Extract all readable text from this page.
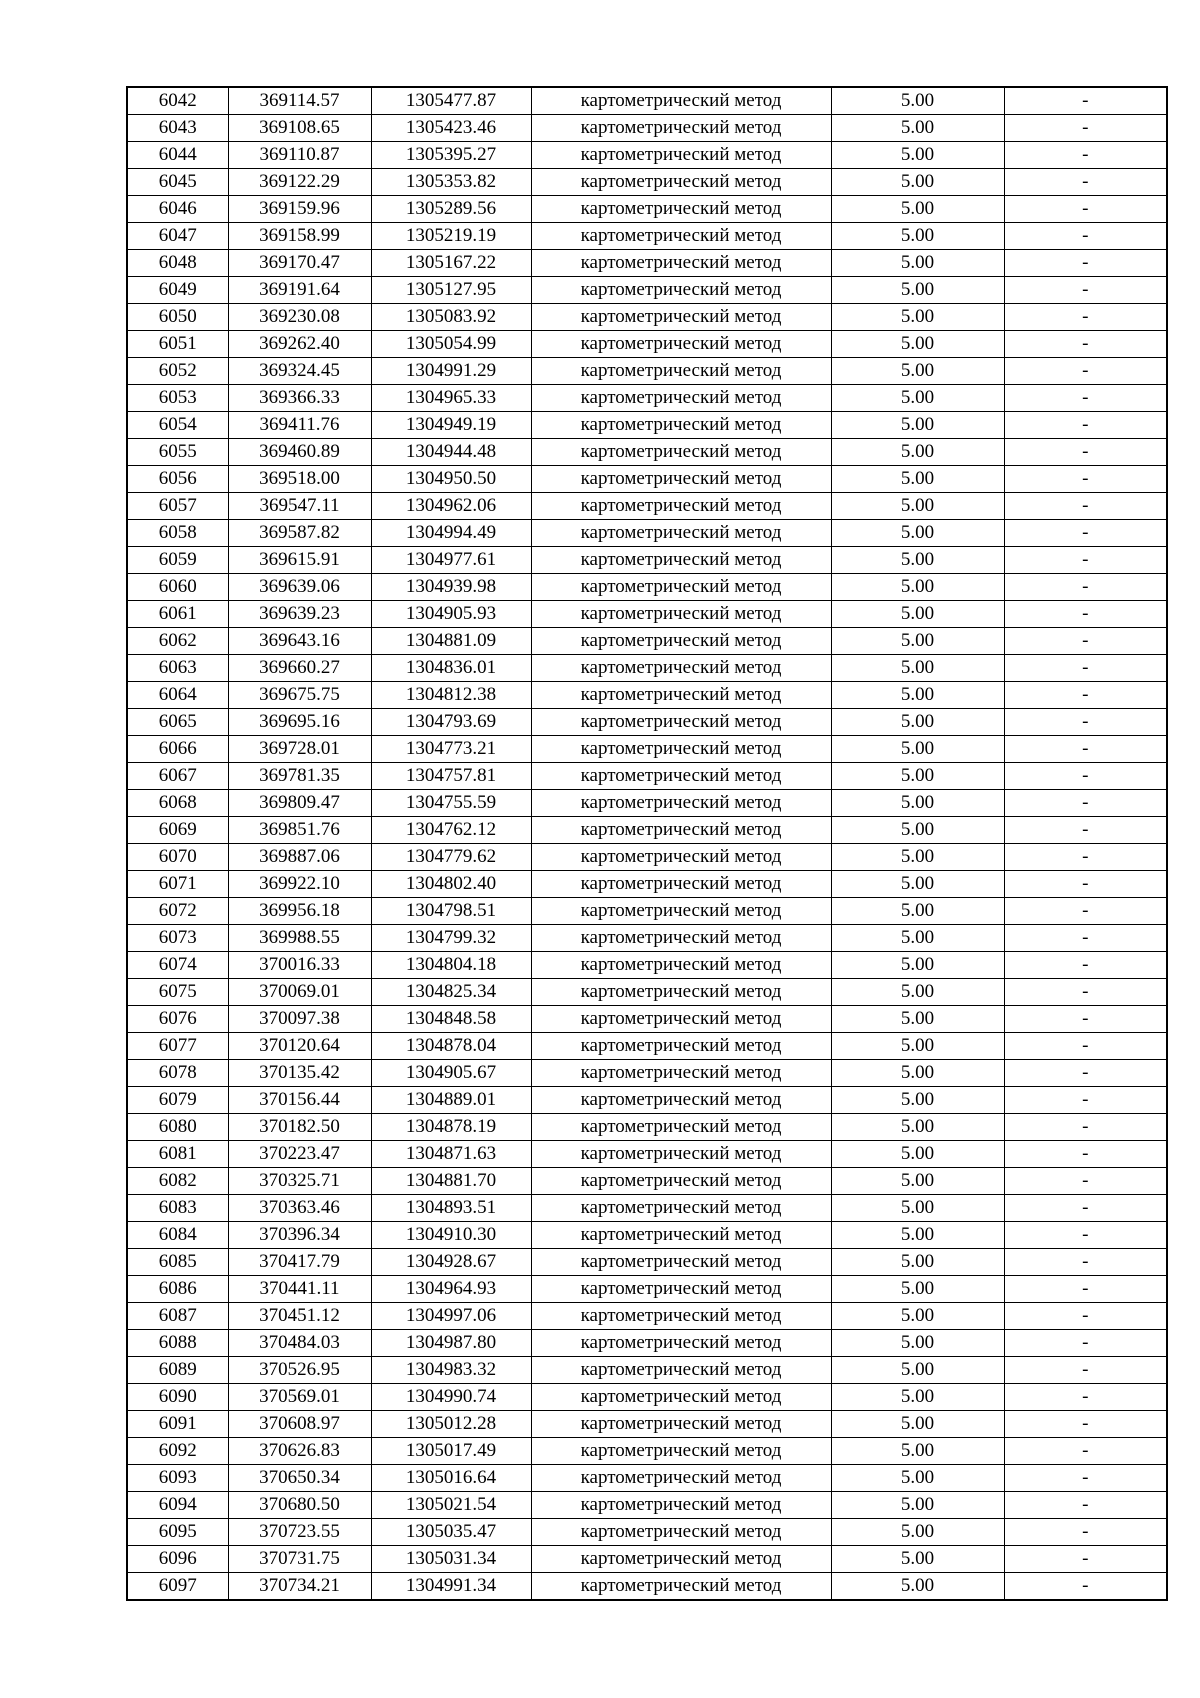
6042	369114.57	1305477.87	картометрический метод	5.00	-
6043	369108.65	1305423.46	картометрический метод	5.00	-
6044	369110.87	1305395.27	картометрический метод	5.00	-
6045	369122.29	1305353.82	картометрический метод	5.00	-
6046	369159.96	1305289.56	картометрический метод	5.00	-
6047	369158.99	1305219.19	картометрический метод	5.00	-
6048	369170.47	1305167.22	картометрический метод	5.00	-
6049	369191.64	1305127.95	картометрический метод	5.00	-
6050	369230.08	1305083.92	картометрический метод	5.00	-
6051	369262.40	1305054.99	картометрический метод	5.00	-
6052	369324.45	1304991.29	картометрический метод	5.00	-
6053	369366.33	1304965.33	картометрический метод	5.00	-
6054	369411.76	1304949.19	картометрический метод	5.00	-
6055	369460.89	1304944.48	картометрический метод	5.00	-
6056	369518.00	1304950.50	картометрический метод	5.00	-
6057	369547.11	1304962.06	картометрический метод	5.00	-
6058	369587.82	1304994.49	картометрический метод	5.00	-
6059	369615.91	1304977.61	картометрический метод	5.00	-
6060	369639.06	1304939.98	картометрический метод	5.00	-
6061	369639.23	1304905.93	картометрический метод	5.00	-
6062	369643.16	1304881.09	картометрический метод	5.00	-
6063	369660.27	1304836.01	картометрический метод	5.00	-
6064	369675.75	1304812.38	картометрический метод	5.00	-
6065	369695.16	1304793.69	картометрический метод	5.00	-
6066	369728.01	1304773.21	картометрический метод	5.00	-
6067	369781.35	1304757.81	картометрический метод	5.00	-
6068	369809.47	1304755.59	картометрический метод	5.00	-
6069	369851.76	1304762.12	картометрический метод	5.00	-
6070	369887.06	1304779.62	картометрический метод	5.00	-
6071	369922.10	1304802.40	картометрический метод	5.00	-
6072	369956.18	1304798.51	картометрический метод	5.00	-
6073	369988.55	1304799.32	картометрический метод	5.00	-
6074	370016.33	1304804.18	картометрический метод	5.00	-
6075	370069.01	1304825.34	картометрический метод	5.00	-
6076	370097.38	1304848.58	картометрический метод	5.00	-
6077	370120.64	1304878.04	картометрический метод	5.00	-
6078	370135.42	1304905.67	картометрический метод	5.00	-
6079	370156.44	1304889.01	картометрический метод	5.00	-
6080	370182.50	1304878.19	картометрический метод	5.00	-
6081	370223.47	1304871.63	картометрический метод	5.00	-
6082	370325.71	1304881.70	картометрический метод	5.00	-
6083	370363.46	1304893.51	картометрический метод	5.00	-
6084	370396.34	1304910.30	картометрический метод	5.00	-
6085	370417.79	1304928.67	картометрический метод	5.00	-
6086	370441.11	1304964.93	картометрический метод	5.00	-
6087	370451.12	1304997.06	картометрический метод	5.00	-
6088	370484.03	1304987.80	картометрический метод	5.00	-
6089	370526.95	1304983.32	картометрический метод	5.00	-
6090	370569.01	1304990.74	картометрический метод	5.00	-
6091	370608.97	1305012.28	картометрический метод	5.00	-
6092	370626.83	1305017.49	картометрический метод	5.00	-
6093	370650.34	1305016.64	картометрический метод	5.00	-
6094	370680.50	1305021.54	картометрический метод	5.00	-
6095	370723.55	1305035.47	картометрический метод	5.00	-
6096	370731.75	1305031.34	картометрический метод	5.00	-
6097	370734.21	1304991.34	картометрический метод	5.00	-
